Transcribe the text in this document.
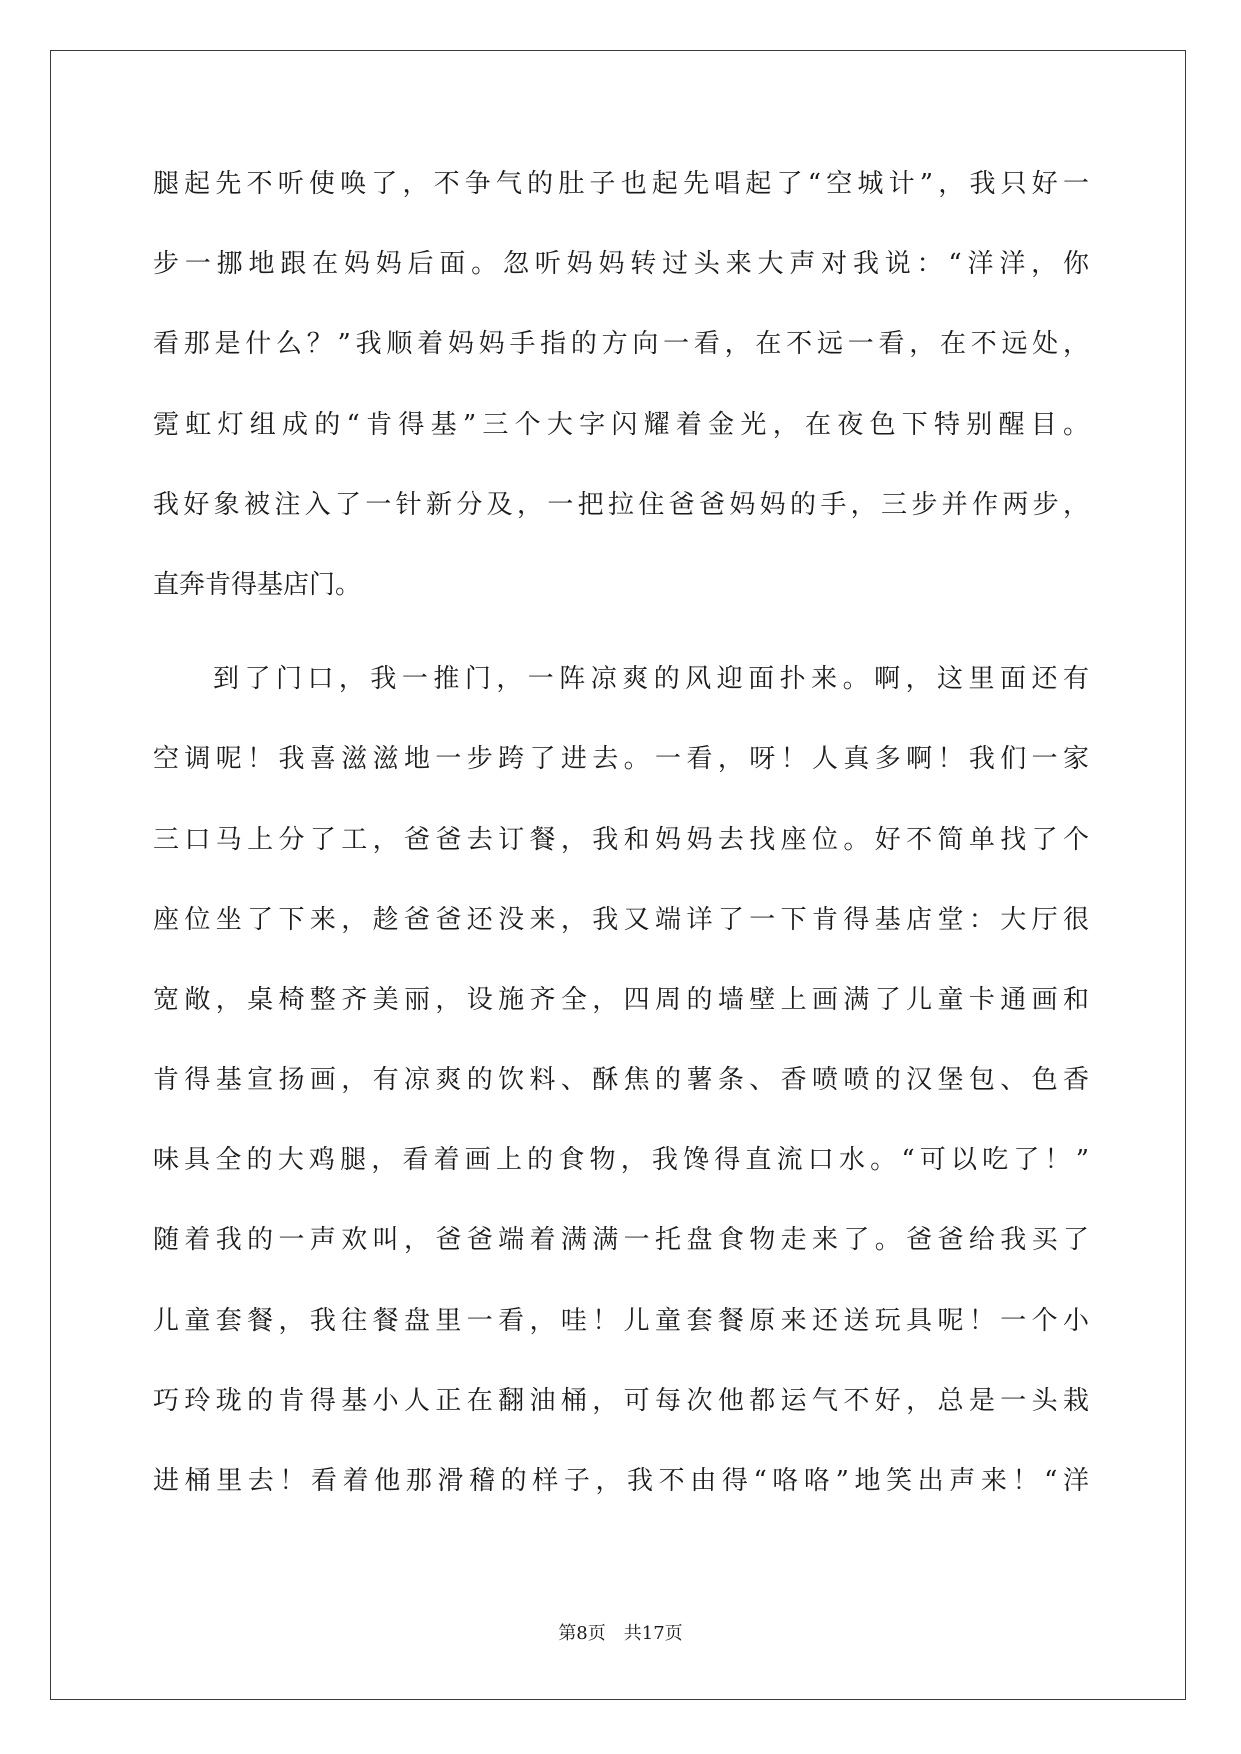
腿起先不听使唤了，不争气的肚子也起先唱起了“空城计”，我只好一
步一挪地跟在妈妈后面。忽听妈妈转过头来大声对我说：“洋洋，你
看那是什么？”我顺着妈妈手指的方向一看，在不远一看，在不远处，
霓虹灯组成的“肯得基”三个大字闪耀着金光，在夜色下特别醒目。
我好象被注入了一针新分及，一把拉住爸爸妈妈的手，三步并作两步，
直奔肯得基店门。
到了门口，我一推门，一阵凉爽的风迎面扑来。啊，这里面还有
空调呢！我喜滋滋地一步跨了进去。一看，呀！人真多啊！我们一家
三口马上分了工，爸爸去订餐，我和妈妈去找座位。好不简单找了个
座位坐了下来，趁爸爸还没来，我又端详了一下肯得基店堂：大厅很
宽敞，桌椅整齐美丽，设施齐全，四周的墙壁上画满了儿童卡通画和
肯得基宣扬画，有凉爽的饮料、酥焦的薯条、香喷喷的汉堡包、色香
味具全的大鸡腿，看着画上的食物，我馋得直流口水。“可以吃了！”
随着我的一声欢叫，爸爸端着满满一托盘食物走来了。爸爸给我买了
儿童套餐，我往餐盘里一看，哇！儿童套餐原来还送玩具呢！一个小
巧玲珑的肯得基小人正在翻油桶，可每次他都运气不好，总是一头栽
进桶里去！看着他那滑稽的样子，我不由得“咯咯”地笑出声来！“洋
第8页 共17页
